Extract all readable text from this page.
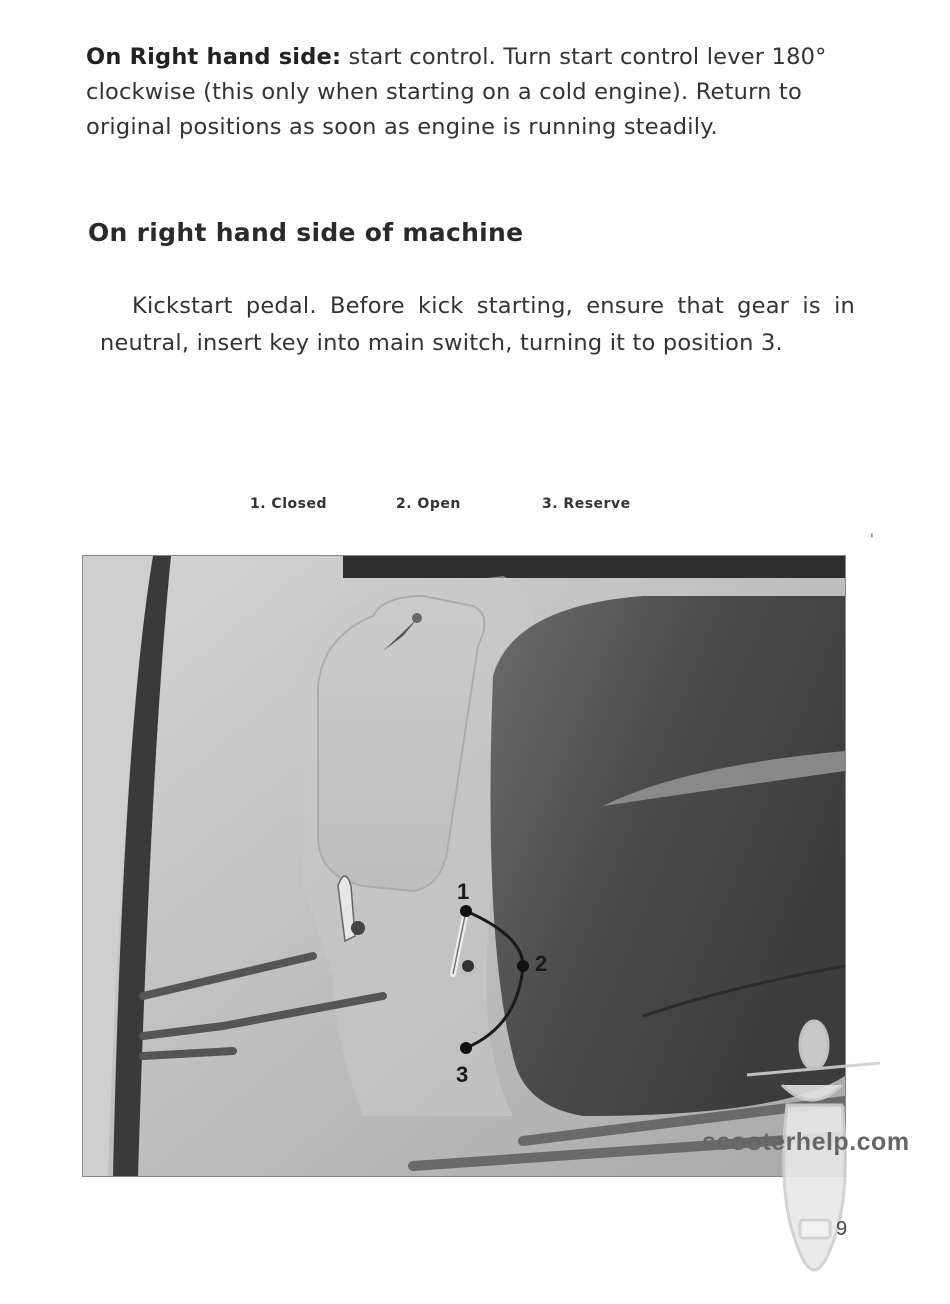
On Right hand side: start control. Turn start control lever 180° clockwise (this only when starting on a cold engine). Return to original positions as soon as engine is running steadily.
On right hand side of machine
Kickstart pedal. Before kick starting, ensure that gear is in neutral, insert key into main switch, turning it to position 3.
1. Closed	2. Open	3. Reserve
'
1
2
3
scooterhelp.com
9
